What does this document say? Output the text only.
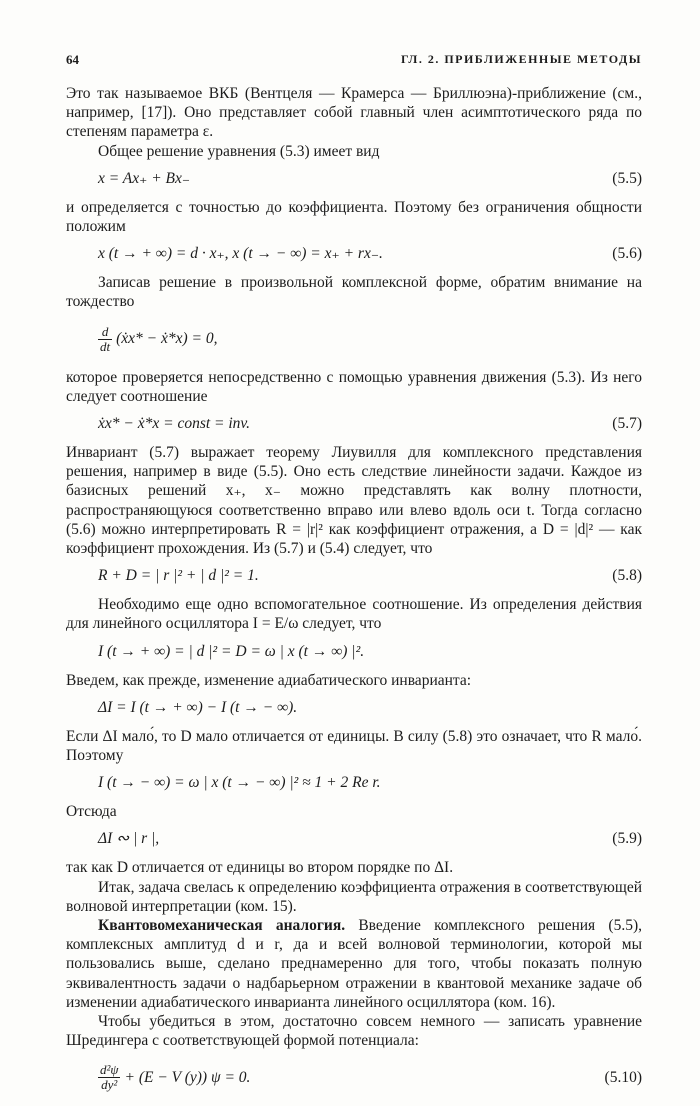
64	ГЛ. 2. ПРИБЛИЖЕННЫЕ МЕТОДЫ

Это так называемое ВКБ (Вентцеля — Крамерса — Бриллюэна)-приближение (см., например, [17]). Оно представляет собой главный член асимптотического ряда по степеням параметра ε.

Общее решение уравнения (5.3) имеет вид

x = Ax₊ + Bx₋	(5.5)

и определяется с точностью до коэффициента. Поэтому без ограничения общности положим

x (t → + ∞) = d · x₊, x (t → − ∞) = x₊ + rx₋.	(5.6)

Записав решение в произвольной комплексной форме, обратим внимание на тождество

$\frac{d}{dt}$ (ẋx* − ẋ*x) = 0,

которое проверяется непосредственно с помощью уравнения движения (5.3). Из него следует соотношение

ẋx* − ẋ*x = const = inv.	(5.7)

Инвариант (5.7) выражает теорему Лиувилля для комплексного представления решения, например в виде (5.5). Оно есть следствие линейности задачи. Каждое из базисных решений x₊, x₋ можно представлять как волну плотности, распространяющуюся соответственно вправо или влево вдоль оси t. Тогда согласно (5.6) можно интерпретировать R = |r|² как коэффициент отражения, а D = |d|² — как коэффициент прохождения. Из (5.7) и (5.4) следует, что

R + D = | r |² + | d |² = 1.	(5.8)

Необходимо еще одно вспомогательное соотношение. Из определения действия для линейного осциллятора I = E/ω следует, что

I (t → + ∞) = | d |² = D = ω | x (t → ∞) |².

Введем, как прежде, изменение адиабатического инварианта:

ΔI = I (t → + ∞) − I (t → − ∞).

Если ΔI мало́, то D мало отличается от единицы. В силу (5.8) это означает, что R мало́. Поэтому

I (t → − ∞) = ω | x (t → − ∞) |² ≈ 1 + 2 Re r.

Отсюда

ΔI ∾ | r |,	(5.9)

так как D отличается от единицы во втором порядке по ΔI.

Итак, задача свелась к определению коэффициента отражения в соответствующей волновой интерпретации (ком. 15).

Квантовомеханическая аналогия. Введение комплексного решения (5.5), комплексных амплитуд d и r, да и всей волновой терминологии, которой мы пользовались выше, сделано преднамеренно для того, чтобы показать полную эквивалентность задачи о надбарьерном отражении в квантовой механике задаче об изменении адиабатического инварианта линейного осциллятора (ком. 16).

Чтобы убедиться в этом, достаточно совсем немного — записать уравнение Шредингера с соответствующей формой потенциала:

$\frac{\text{d²ψ}}{\text{dy²}} + (E - V$ (y)) ψ = 0.	(5.10)
